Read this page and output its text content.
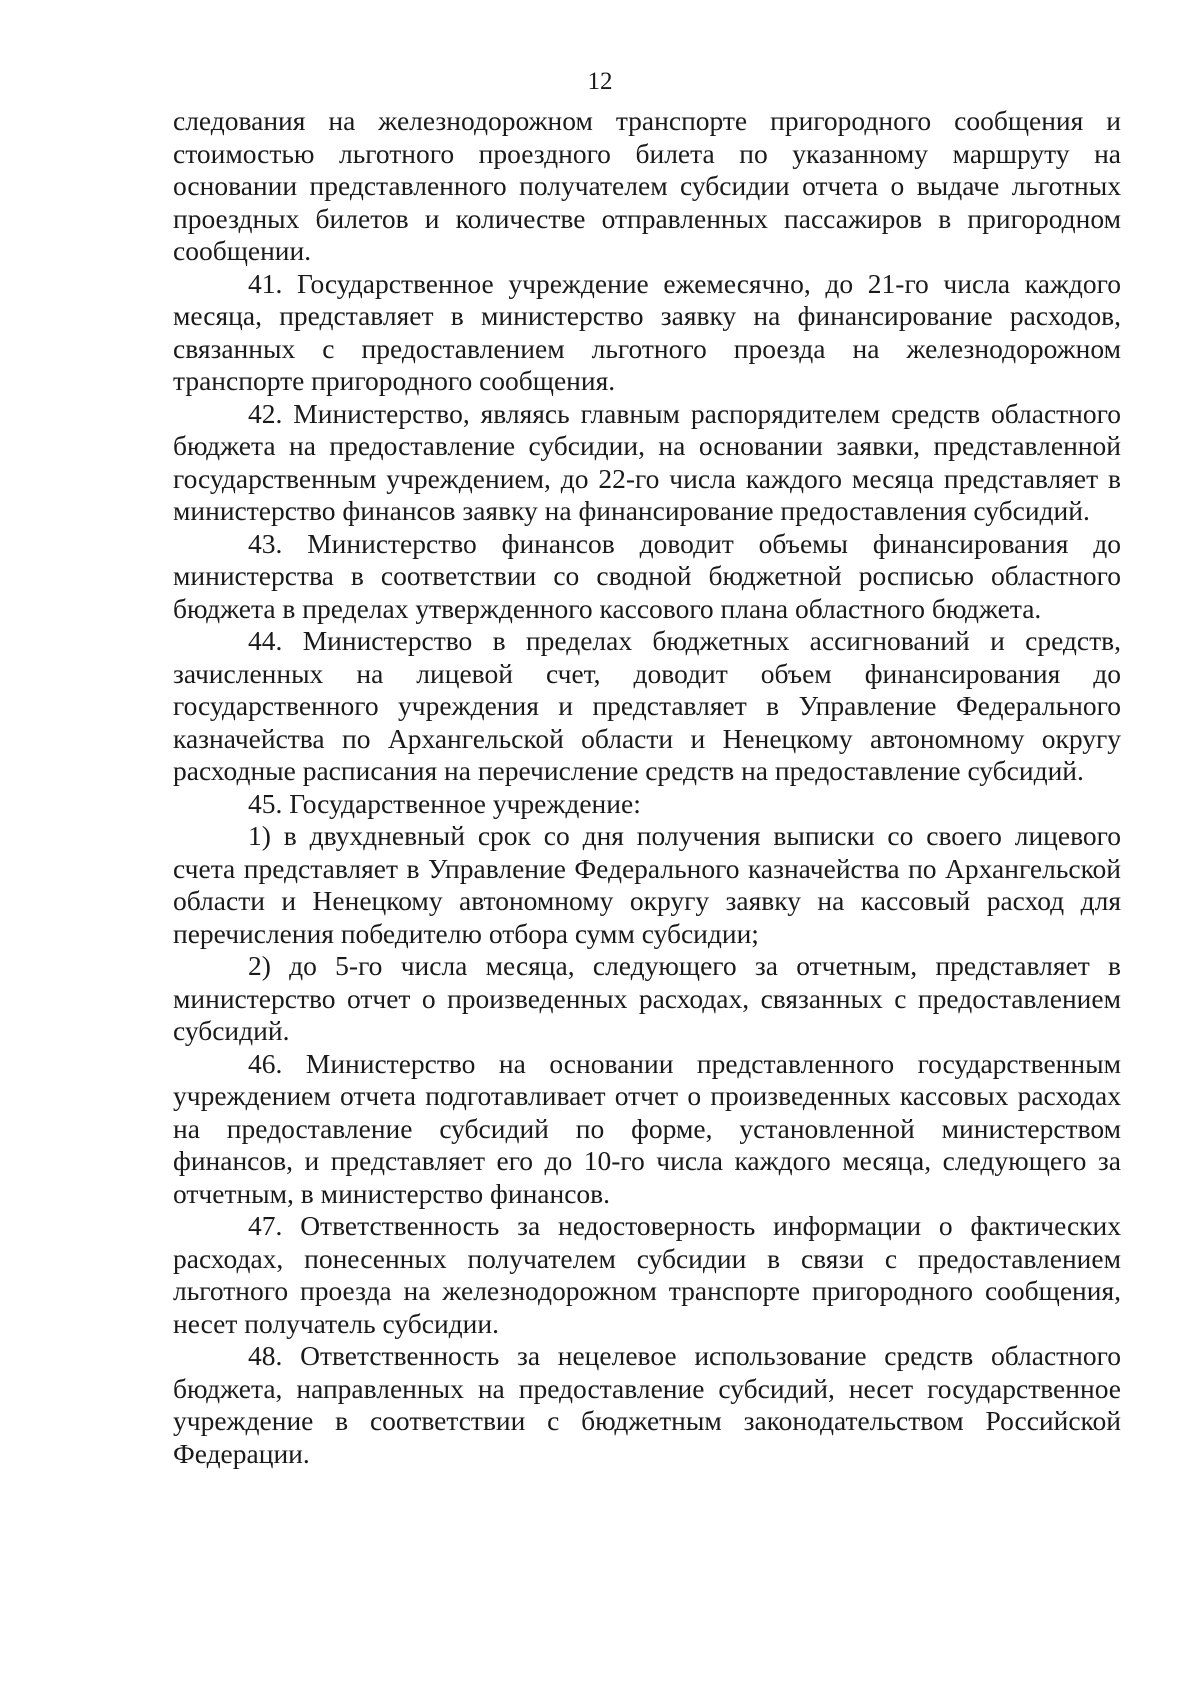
12

следования на железнодорожном транспорте пригородного сообщения и стоимостью льготного проездного билета по указанному маршруту на основании представленного получателем субсидии отчета о выдаче льготных проездных билетов и количестве отправленных пассажиров в пригородном сообщении.

41. Государственное учреждение ежемесячно, до 21-го числа каждого месяца, представляет в министерство заявку на финансирование расходов, связанных с предоставлением льготного проезда на железнодорожном транспорте пригородного сообщения.

42. Министерство, являясь главным распорядителем средств областного бюджета на предоставление субсидии, на основании заявки, представленной государственным учреждением, до 22-го числа каждого месяца представляет в министерство финансов заявку на финансирование предоставления субсидий.

43. Министерство финансов доводит объемы финансирования до министерства в соответствии со сводной бюджетной росписью областного бюджета в пределах утвержденного кассового плана областного бюджета.

44. Министерство в пределах бюджетных ассигнований и средств, зачисленных на лицевой счет, доводит объем финансирования до государственного учреждения и представляет в Управление Федерального казначейства по Архангельской области и Ненецкому автономному округу расходные расписания на перечисление средств на предоставление субсидий.

45. Государственное учреждение:

1) в двухдневный срок со дня получения выписки со своего лицевого счета представляет в Управление Федерального казначейства по Архангельской области и Ненецкому автономному округу заявку на кассовый расход для перечисления победителю отбора сумм субсидии;

2) до 5-го числа месяца, следующего за отчетным, представляет в министерство отчет о произведенных расходах, связанных с предоставлением субсидий.

46. Министерство на основании представленного государственным учреждением отчета подготавливает отчет о произведенных кассовых расходах на предоставление субсидий по форме, установленной министерством финансов, и представляет его до 10-го числа каждого месяца, следующего за отчетным, в министерство финансов.

47. Ответственность за недостоверность информации о фактических расходах, понесенных получателем субсидии в связи с предоставлением льготного проезда на железнодорожном транспорте пригородного сообщения, несет получатель субсидии.

48. Ответственность за нецелевое использование средств областного бюджета, направленных на предоставление субсидий, несет государственное учреждение в соответствии с бюджетным законодательством Российской Федерации.
